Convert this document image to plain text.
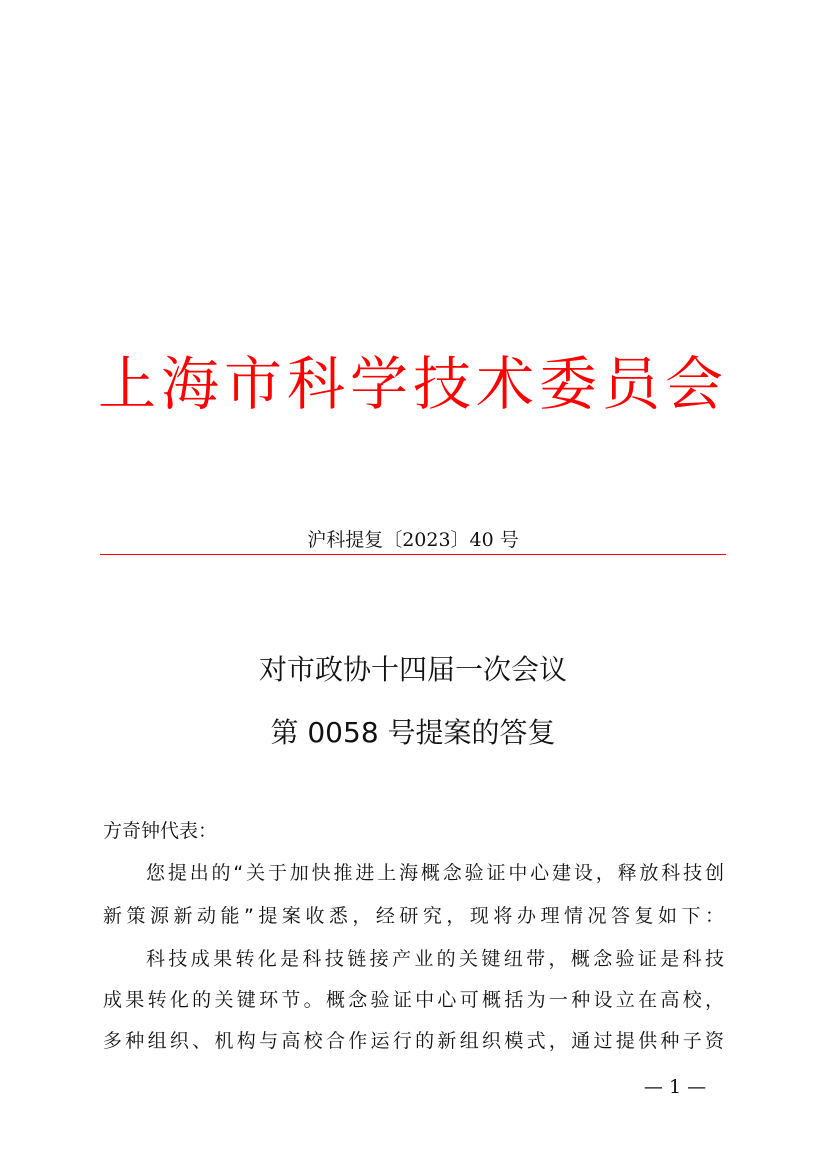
上海市科学技术委员会
沪科提复〔2023〕40 号
对市政协十四届一次会议
第 0058 号提案的答复
方奇钟代表：
您提出的“关于加快推进上海概念验证中心建设，释放科技创
新策源新动能”提案收悉，经研究，现将办理情况答复如下：
科技成果转化是科技链接产业的关键纽带，概念验证是科技
成果转化的关键环节。概念验证中心可概括为一种设立在高校，
多种组织、机构与高校合作运行的新组织模式，通过提供种子资
— 1 —
